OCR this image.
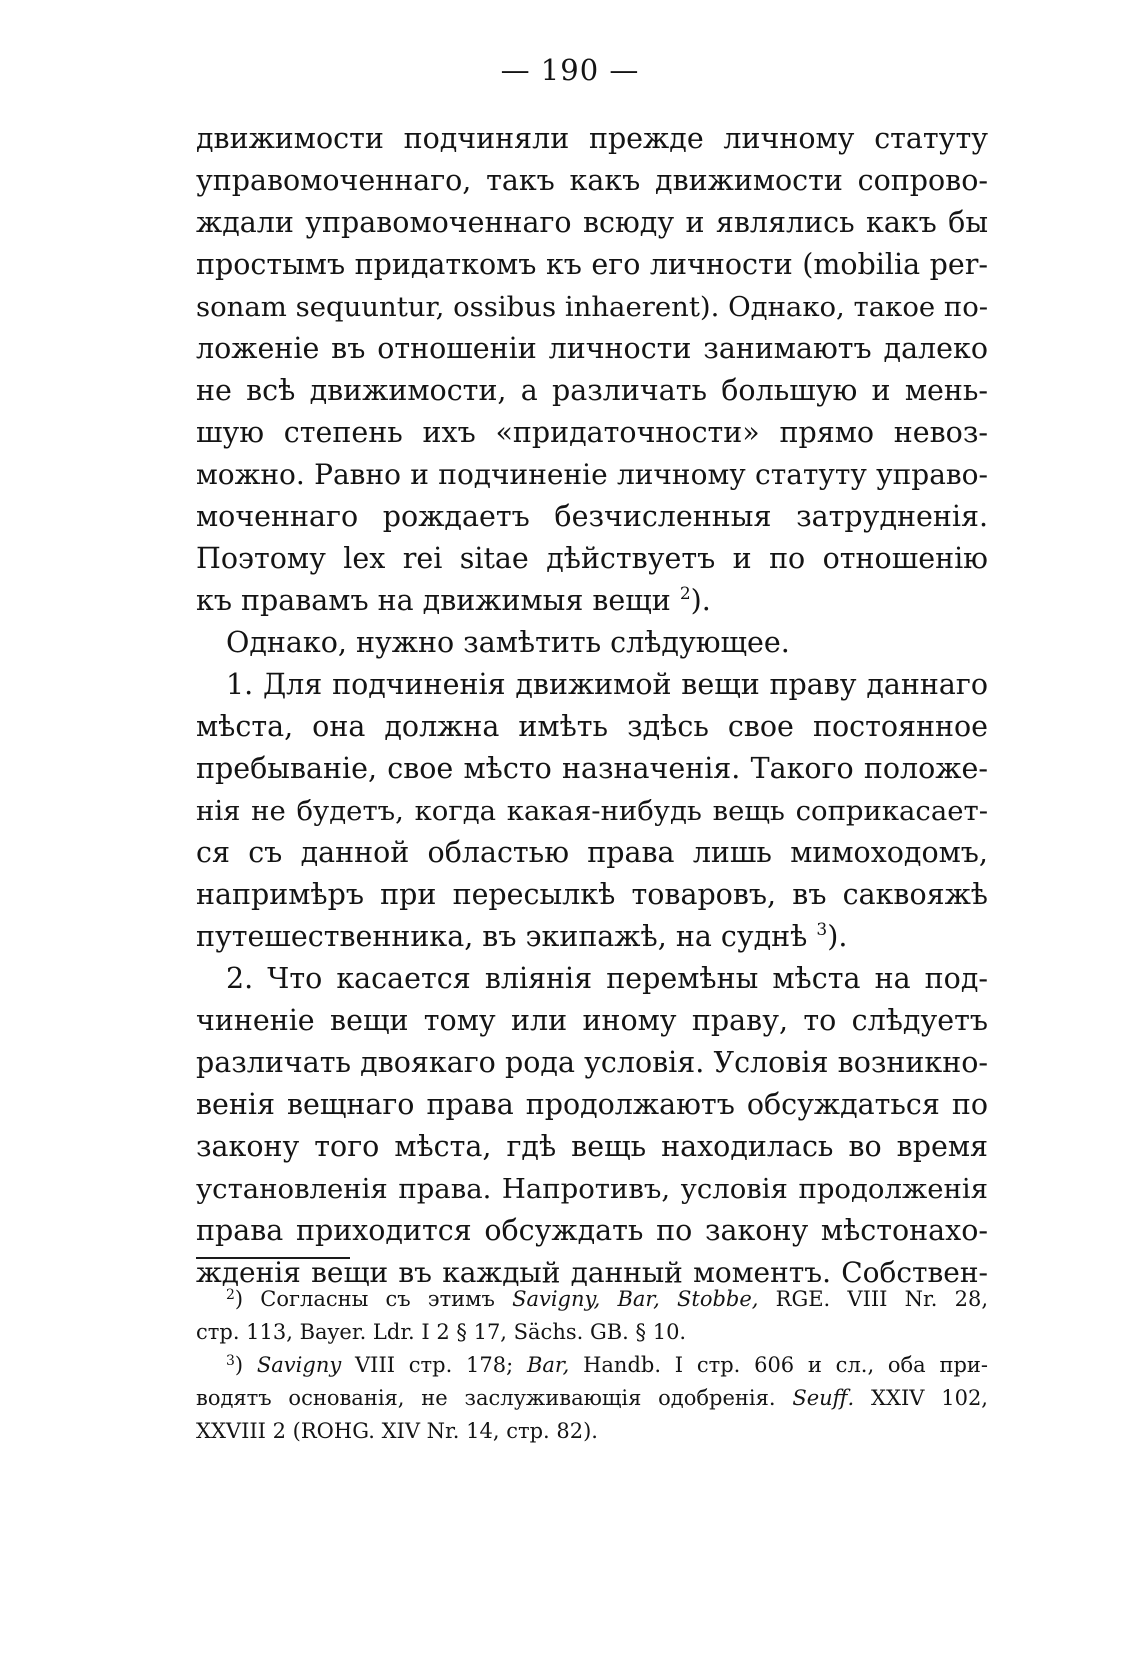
— 190 —
движимости подчиняли прежде личному статуту
управомоченнаго, такъ какъ движимости сопрово-
ждали управомоченнаго всюду и являлись какъ бы
простымъ придаткомъ къ его личности (mobilia per-
sonam sequuntur, ossibus inhaerent). Однако, такое по-
ложеніе въ отношеніи личности занимаютъ далеко
не всѣ движимости, а различать большую и мень-
шую степень ихъ «придаточности» прямо невоз-
можно. Равно и подчиненіе личному статуту управо-
моченнаго рождаетъ безчисленныя затрудненія.
Поэтому lex rei sitae дѣйствуетъ и по отношенію
къ правамъ на движимыя вещи $^2$).
Однако, нужно замѣтить слѣдующее.
1. Для подчиненія движимой вещи праву даннаго
мѣста, она должна имѣть здѣсь свое постоянное
пребываніе, свое мѣсто назначенія. Такого положе-
нія не будетъ, когда какая-нибудь вещь соприкасает-
ся съ данной областью права лишь мимоходомъ,
напримѣръ при пересылкѣ товаровъ, въ саквояжѣ
путешественника, въ экипажѣ, на суднѣ $^3$).
2. Что касается вліянія перемѣны мѣста на под-
чиненіе вещи тому или иному праву, то слѣдуетъ
различать двоякаго рода условія. Условія возникно-
венія вещнаго права продолжаютъ обсуждаться по
закону того мѣста, гдѣ вещь находилась во время
установленія права. Напротивъ, условія продолженія
права приходится обсуждать по закону мѣстонахо-
жденія вещи въ каждый данный моментъ. Собствен-
$^2$) Согласны съ этимъ Savigny, Bar, Stobbe, RGE. VIII Nr. 28,
стр. 113, Bayer. Ldr. I 2 § 17, Sächs. GB. § 10.
$^3$) Savigny VIII стр. 178; Bar, Handb. I стр. 606 и сл., оба при-
водятъ основанія, не заслуживающія одобренія. Seuff. XXIV 102,
XXVIII 2 (ROHG. XIV Nr. 14, стр. 82).
